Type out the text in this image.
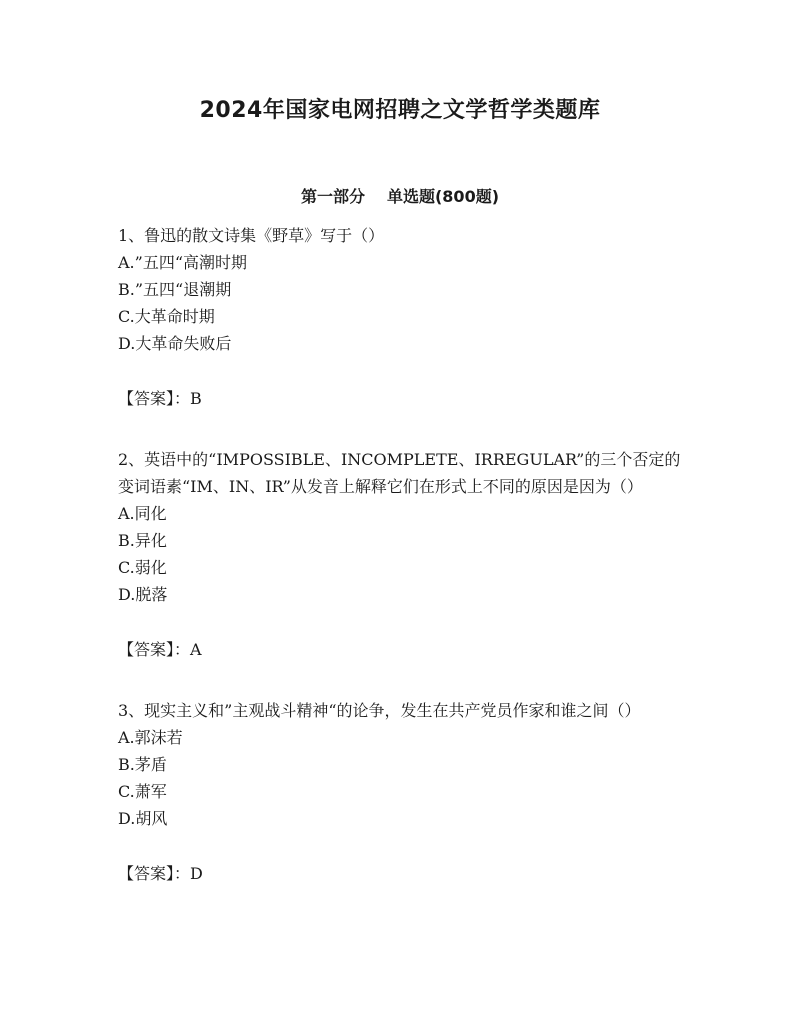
2024年国家电网招聘之文学哲学类题库
第一部分 单选题(800题)
1、鲁迅的散文诗集《野草》写于（）
A.”五四“高潮时期
B.”五四“退潮期
C.大革命时期
D.大革命失败后
【答案】：B
2、英语中的“IMPOSSIBLE、INCOMPLETE、IRREGULAR”的三个否定的变词语素“IM、IN、IR”从发音上解释它们在形式上不同的原因是因为（）
A.同化
B.异化
C.弱化
D.脱落
【答案】：A
3、现实主义和”主观战斗精神“的论争，发生在共产党员作家和谁之间（）
A.郭沫若
B.茅盾
C.萧军
D.胡风
【答案】：D
